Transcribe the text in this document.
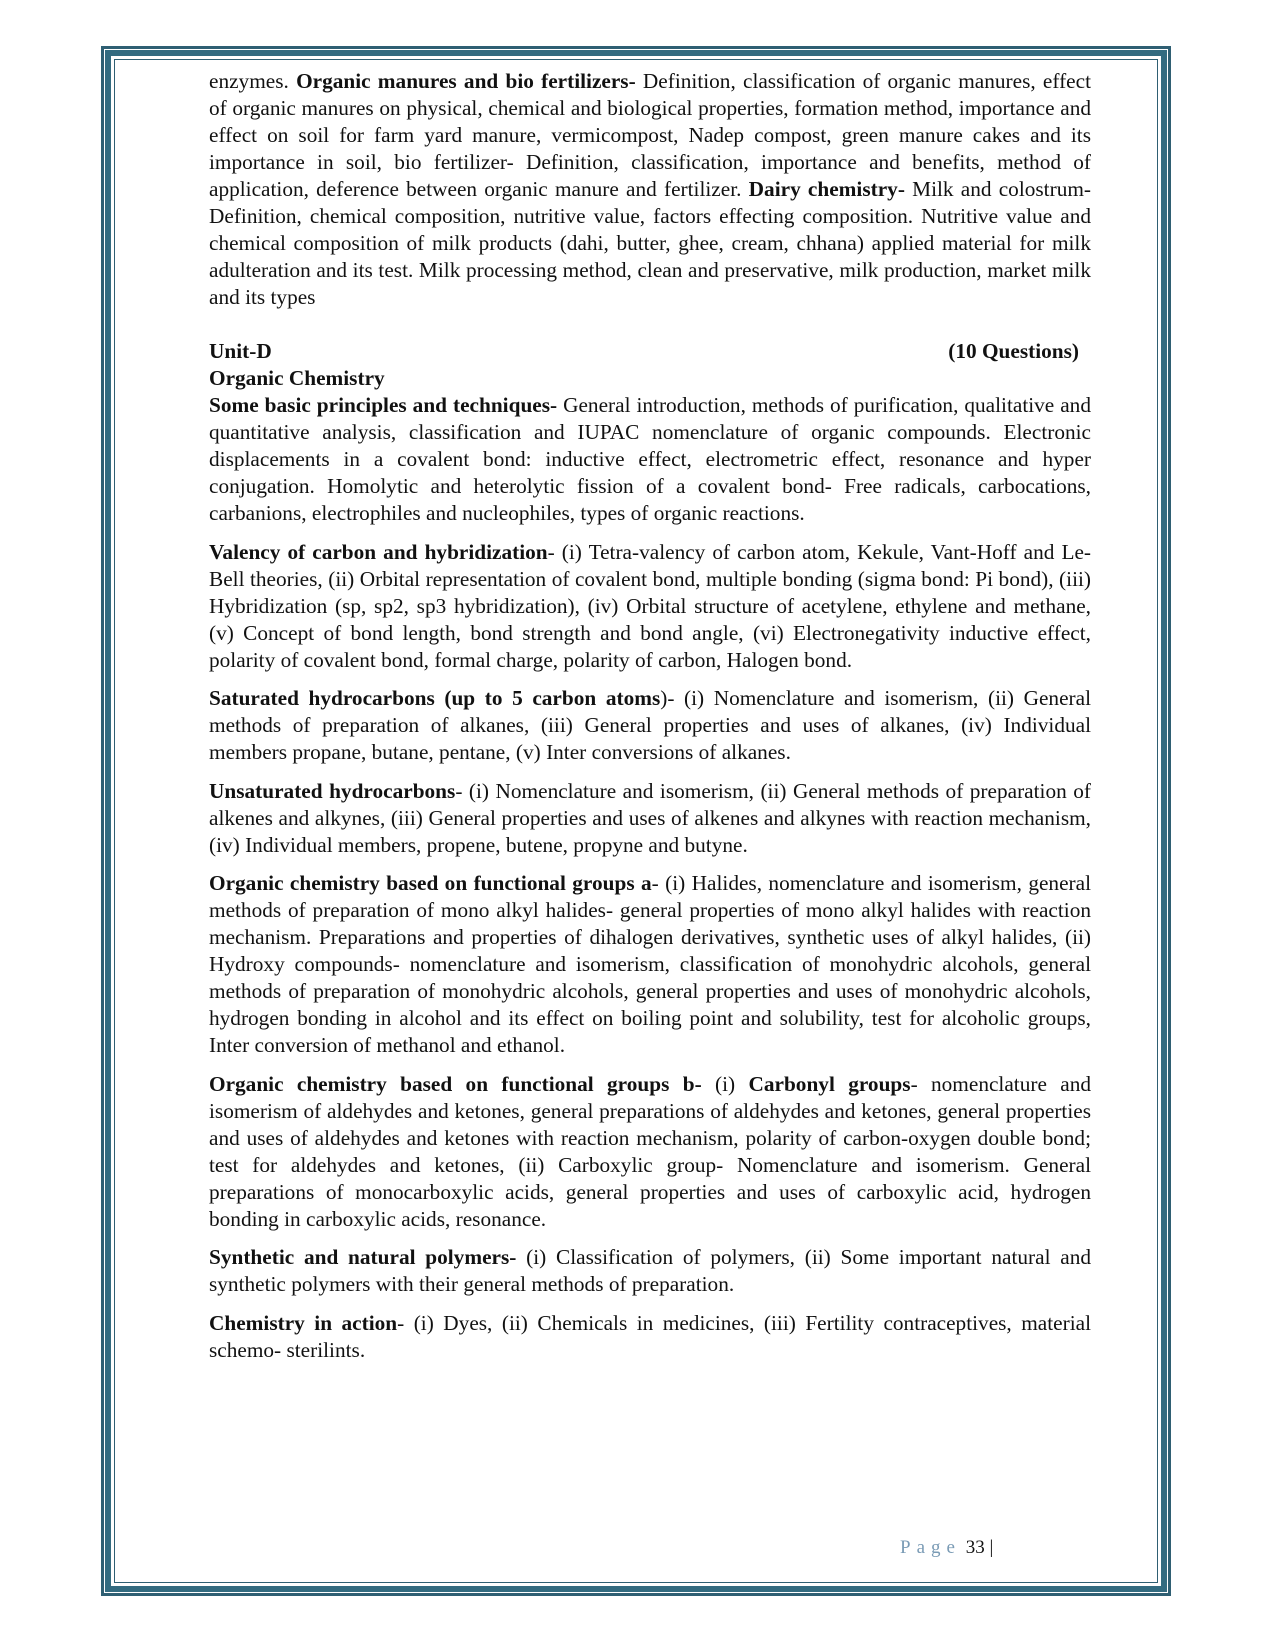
enzymes. Organic manures and bio fertilizers- Definition, classification of organic manures, effect of organic manures on physical, chemical and biological properties, formation method, importance and effect on soil for farm yard manure, vermicompost, Nadep compost, green manure cakes and its importance in soil, bio fertilizer- Definition, classification, importance and benefits, method of application, deference between organic manure and fertilizer. Dairy chemistry- Milk and colostrum- Definition, chemical composition, nutritive value, factors effecting composition. Nutritive value and chemical composition of milk products (dahi, butter, ghee, cream, chhana) applied material for milk adulteration and its test. Milk processing method, clean and preservative, milk production, market milk and its types

Unit-D	(10 Questions)
Organic Chemistry

Some basic principles and techniques- General introduction, methods of purification, qualitative and quantitative analysis, classification and IUPAC nomenclature of organic compounds. Electronic displacements in a covalent bond: inductive effect, electrometric effect, resonance and hyper conjugation. Homolytic and heterolytic fission of a covalent bond- Free radicals, carbocations, carbanions, electrophiles and nucleophiles, types of organic reactions.

Valency of carbon and hybridization- (i) Tetra-valency of carbon atom, Kekule, Vant-Hoff and Le-Bell theories, (ii) Orbital representation of covalent bond, multiple bonding (sigma bond: Pi bond), (iii) Hybridization (sp, sp2, sp3 hybridization), (iv) Orbital structure of acetylene, ethylene and methane, (v) Concept of bond length, bond strength and bond angle, (vi) Electronegativity inductive effect, polarity of covalent bond, formal charge, polarity of carbon, Halogen bond.

Saturated hydrocarbons (up to 5 carbon atoms)- (i) Nomenclature and isomerism, (ii) General methods of preparation of alkanes, (iii) General properties and uses of alkanes, (iv) Individual members propane, butane, pentane, (v) Inter conversions of alkanes.

Unsaturated hydrocarbons- (i) Nomenclature and isomerism, (ii) General methods of preparation of alkenes and alkynes, (iii) General properties and uses of alkenes and alkynes with reaction mechanism, (iv) Individual members, propene, butene, propyne and butyne.

Organic chemistry based on functional groups a- (i) Halides, nomenclature and isomerism, general methods of preparation of mono alkyl halides- general properties of mono alkyl halides with reaction mechanism. Preparations and properties of dihalogen derivatives, synthetic uses of alkyl halides, (ii) Hydroxy compounds- nomenclature and isomerism, classification of monohydric alcohols, general methods of preparation of monohydric alcohols, general properties and uses of monohydric alcohols, hydrogen bonding in alcohol and its effect on boiling point and solubility, test for alcoholic groups, Inter conversion of methanol and ethanol.

Organic chemistry based on functional groups b- (i) Carbonyl groups- nomenclature and isomerism of aldehydes and ketones, general preparations of aldehydes and ketones, general properties and uses of aldehydes and ketones with reaction mechanism, polarity of carbon-oxygen double bond; test for aldehydes and ketones, (ii) Carboxylic group- Nomenclature and isomerism. General preparations of monocarboxylic acids, general properties and uses of carboxylic acid, hydrogen bonding in carboxylic acids, resonance.

Synthetic and natural polymers- (i) Classification of polymers, (ii) Some important natural and synthetic polymers with their general methods of preparation.

Chemistry in action- (i) Dyes, (ii) Chemicals in medicines, (iii) Fertility contraceptives, material schemo- sterilints.

Page 33 |
